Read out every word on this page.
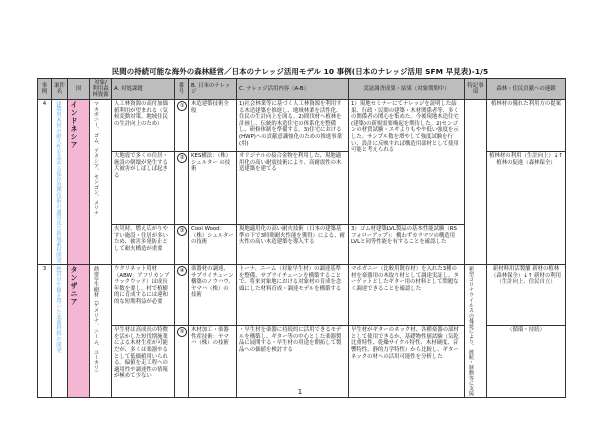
民間の持続可能な海外の森林経営／日本のナレッジ活用モデル 10 事例(日本のナレッジ活用 SFM 早見表)-1/5
事例	案件名	国	対象/利用森林資源	A. 対処課題	番号	B. 日本のナレッジ	C. ナレッジ活用内容（A-B）	実証調査成果・結果（対象期間中）	特記事項	森林・住民貢献への連鎖
4	建築用木材の耐久性を高める保存処理技術の適用及び新規素材開発	インドネシア	マカボニー、ゴム、アカシア、センゴン、メリナ	人工林資源の高付加価値利用が望まれる（気候変動対策、地域住民の生計向上のため）	①	木造建築技術全般	1)社会林業等に基づく人工林資源を利用する木造建築を推進し、地域林業を活性化、住民の生計向上を図る。2)間伐材へ植林を計画し、伝統的木造住宅の体系化を整備し、研修体制を準備する。3)住宅における(HWP)への貢献意識強化のための推進事業(用)	1）現地セミナーにてナレッジを説明した結果、行政・民間の建築・木材関係者等、多くの関係者の関心を集めた。今後現地木造住宅(建築)の新規需要喚起を期待した。2)センゴンの材質試験・スギよりもやや低い強度を示した。サンプル数を増やして強度試験を行い、設計に反映すれば構造用部材として使用可能と考えられる		植林材の優れた利用方の提案
				大地震で多くの住居・施設の倒壊が発生する大被害がしばしば起きる	②	KES構法：（株）シェルター の技術	オリジナルの接合金物を利用した、現地適用化の高い耐震技術により、高耐震性の木造建築を建てる			植林材の利用（生計向上）↓↑ 植林の促進（森林保全）
				火災時、燃え広がりやすい施設・住居が多いため、被害多発防止として耐火構造が重要	③	Cool Wood：（株）シェルター の技術	現地適用化の高い耐火技術（日本の建築基準の下で3時間耐火性能を獲得）による、耐火性の高い木造建築を導入する	3）ゴム材建築LVL製品の基本性能試験（RS フォローアップ）：構わずカラマツの構造用LVLと同等性能を有することを確認した		
3	熱帯早生樹を用いた楽器材料の開発	タンザニア	熱帯早生樹材（ゲメリナ、ニーム、ユーカリ）	ウクリネット用材（ABW：アフリカンブラックウッド）は成長年数を要し、村で植樹的に育成するには違和的な短期利益が必要	④	楽器材の調達、サプライチェーン構築のノウハウ、ヤマハ（株）の技術	トーナ、ニーム（対象早生材）の調達基準を整備、サプライチェーンを構築することで、将来対象地における対象材の育成を念頭にした材料育成・調達モデルを構築する	マホガニー（比較用既存材）を入れた3種の材を楽器用の木取り材として調達実証し、ターゲットとしたギター用の材料として問題なく調達できることを確認した	新型コロナウイルスの蔓延により、渡航・移動等に支障	新材料用活製舗 新材の植林（森林保全）↓↑ 新材の利用（生計向上、住民自立）
				早生材は高成長の特徴を活かした短伐期施業による木材生産が可能だが、多くは楽器やるとして低価値用いられる。偏値を走工程への適用性や調達性の情報が極めて少ない	⑤	木材加工・楽器性産技術：ヤマハ（株）の技術	・早生材を楽器に持続的に活用できるモデルを構築し、ギター等の中心とした楽器製品に展開する・早生材の用途を開拓して製品への価値を検討する	早生材がギターのネック材、各種楽器の部材として使用できるか、基礎物性値試験（気乾比重特性、乾燥サイクル特性、木材硬度、音響特性、静的力学特性）から比較し、ギターネックの材への活用可能性を分析した		（循環・持続）
1
